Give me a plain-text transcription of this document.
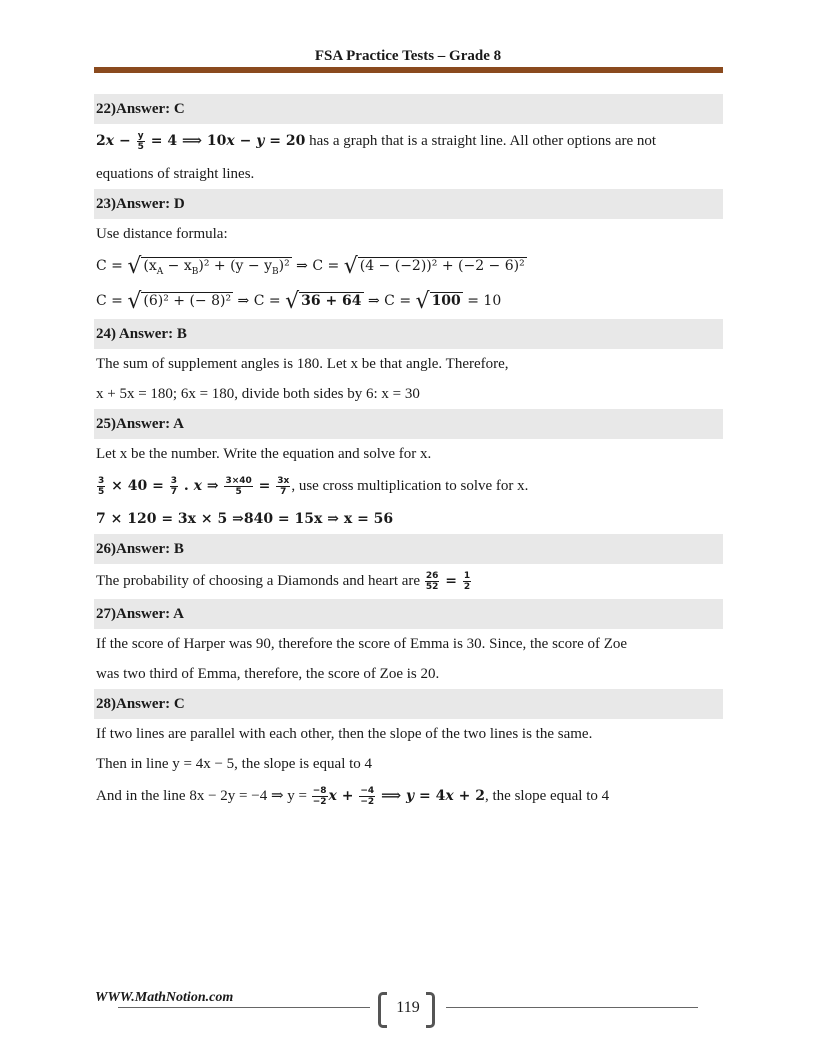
FSA Practice Tests – Grade 8
22)Answer: C
$2x - \frac{y}{5} = 4$ ⟹ 10x − y = 20 has a graph that is a straight line. All other options are not
equations of straight lines.
23)Answer: D
Use distance formula:
C = √ $(x_A - x_B)^2 + (y - y_B)^2$ ⇒ C = √ (4 − (−2))² + (−2 − 6)²
C = √ (6)² + (− 8)² ⇒ C = √ 36 + 64 ⇒ C = √ 100 = 10
24) Answer: B
The sum of supplement angles is 180. Let x be that angle. Therefore,
x + 5x = 180; 6x = 180, divide both sides by 6: x = 30
25)Answer: A
Let x be the number. Write the equation and solve for x.
$\frac{3}{5} \times 40 = \frac{3}{7}$ . x ⇒ $\frac{3\times 40}{5} = \frac{3x}{7}$ , use cross multiplication to solve for x.
7 × 120 = 3x × 5 ⇒840 = 15x ⇒ x = 56
26)Answer: B
The probability of choosing a Diamonds and heart are $\frac{26}{52} = \frac{1}{2}$
27)Answer: A
If the score of Harper was 90, therefore the score of Emma is 30. Since, the score of Zoe
was two third of Emma, therefore, the score of Zoe is 20.
28)Answer: C
If two lines are parallel with each other, then the slope of the two lines is the same.
Then in line y = 4x − 5, the slope is equal to 4
And in the line 8x − 2y = −4 ⇒ $y = \frac{-8}{-2}$ $x + \frac{-4}{-2}$ ⟹ y = 4x + 2, the slope equal to 4
WWW.MathNotion.com
119
